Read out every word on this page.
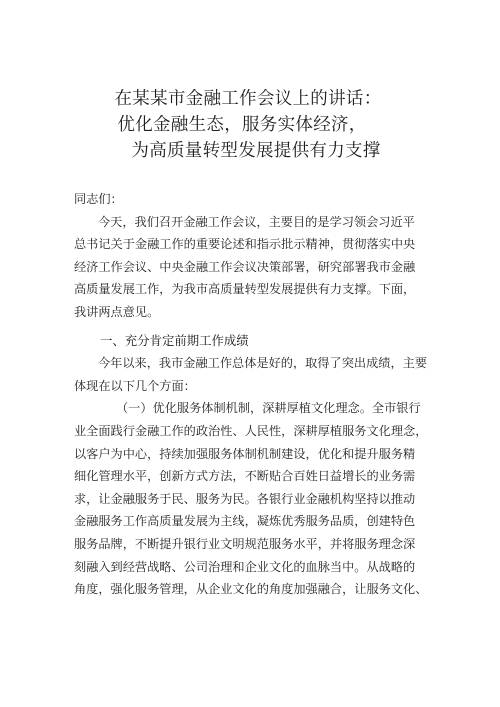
在某某市金融工作会议上的讲话：
优化金融生态，服务实体经济，
为高质量转型发展提供有力支撑
同志们：
今天，我们召开金融工作会议，主要目的是学习领会习近平
总书记关于金融工作的重要论述和指示批示精神，贯彻落实中央
经济工作会议、中央金融工作会议决策部署，研究部署我市金融
高质量发展工作，为我市高质量转型发展提供有力支撑。下面，
我讲两点意见。
一、充分肯定前期工作成绩
今年以来，我市金融工作总体是好的，取得了突出成绩，主要
体现在以下几个方面：
（一）优化服务体制机制，深耕厚植文化理念。全市银行
业全面践行金融工作的政治性、人民性，深耕厚植服务文化理念，
以客户为中心，持续加强服务体制机制建设，优化和提升服务精
细化管理水平，创新方式方法，不断贴合百姓日益增长的业务需
求，让金融服务于民、服务为民。各银行业金融机构坚持以推动
金融服务工作高质量发展为主线，凝炼优秀服务品质，创建特色
服务品牌，不断提升银行业文明规范服务水平，并将服务理念深
刻融入到经营战略、公司治理和企业文化的血脉当中。从战略的
角度，强化服务管理，从企业文化的角度加强融合，让服务文化、
